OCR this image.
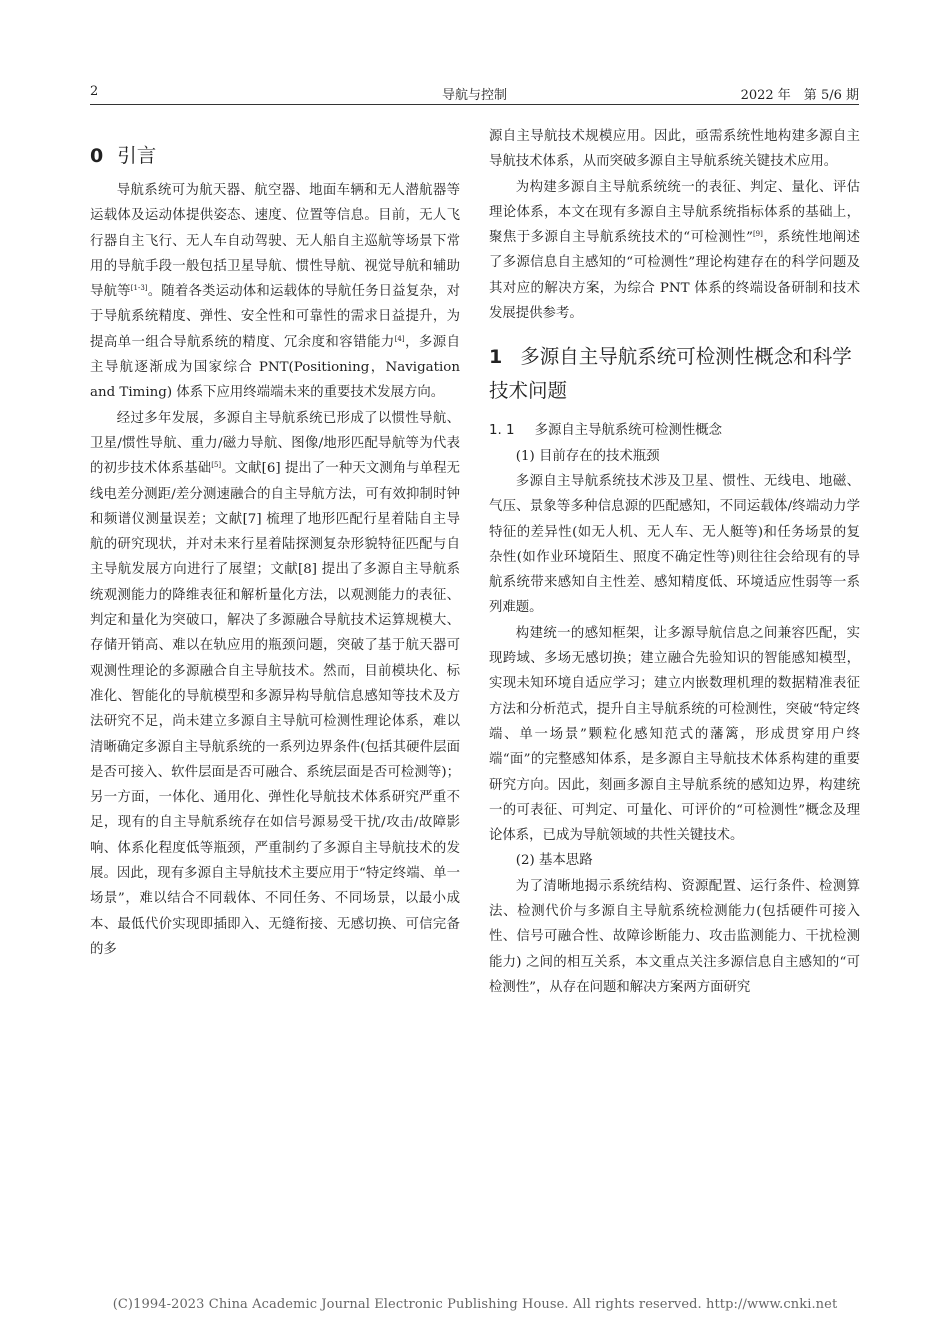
2	导航与控制	2022 年　第 5/6 期
0 引言

导航系统可为航天器、航空器、地面车辆和无人潜航器等运载体及运动体提供姿态、速度、位置等信息。目前，无人飞行器自主飞行、无人车自动驾驶、无人船自主巡航等场景下常用的导航手段一般包括卫星导航、惯性导航、视觉导航和辅助导航等[1-3]。随着各类运动体和运载体的导航任务日益复杂，对于导航系统精度、弹性、安全性和可靠性的需求日益提升，为提高单一组合导航系统的精度、冗余度和容错能力[4]，多源自主导航逐渐成为国家综合 PNT(Positioning，Navigation and Timing) 体系下应用终端端未来的重要技术发展方向。

经过多年发展，多源自主导航系统已形成了以惯性导航、卫星/惯性导航、重力/磁力导航、图像/地形匹配导航等为代表的初步技术体系基础[5]。文献[6] 提出了一种天文测角与单程无线电差分测距/差分测速融合的自主导航方法，可有效抑制时钟和频谱仪测量误差；文献[7] 梳理了地形匹配行星着陆自主导航的研究现状，并对未来行星着陆探测复杂形貌特征匹配与自主导航发展方向进行了展望；文献[8] 提出了多源自主导航系统观测能力的降维表征和解析量化方法，以观测能力的表征、判定和量化为突破口，解决了多源融合导航技术运算规模大、存储开销高、难以在轨应用的瓶颈问题，突破了基于航天器可观测性理论的多源融合自主导航技术。然而，目前模块化、标准化、智能化的导航模型和多源异构导航信息感知等技术及方法研究不足，尚未建立多源自主导航可检测性理论体系，难以清晰确定多源自主导航系统的一系列边界条件(包括其硬件层面是否可接入、软件层面是否可融合、系统层面是否可检测等)；另一方面，一体化、通用化、弹性化导航技术体系研究严重不足，现有的自主导航系统存在如信号源易受干扰/攻击/故障影响、体系化程度低等瓶颈，严重制约了多源自主导航技术的发展。因此，现有多源自主导航技术主要应用于“特定终端、单一场景”，难以结合不同载体、不同任务、不同场景，以最小成本、最低代价实现即插即入、无缝衔接、无感切换、可信完备的多

源自主导航技术规模应用。因此，亟需系统性地构建多源自主导航技术体系，从而突破多源自主导航系统关键技术应用。

为构建多源自主导航系统统一的表征、判定、量化、评估理论体系，本文在现有多源自主导航系统指标体系的基础上，聚焦于多源自主导航系统技术的“可检测性”[9]，系统性地阐述了多源信息自主感知的“可检测性”理论构建存在的科学问题及其对应的解决方案，为综合 PNT 体系的终端设备研制和技术发展提供参考。

1 多源自主导航系统可检测性概念和科学技术问题
1. 1 多源自主导航系统可检测性概念

(1) 目前存在的技术瓶颈

多源自主导航系统技术涉及卫星、惯性、无线电、地磁、气压、景象等多种信息源的匹配感知，不同运载体/终端动力学特征的差异性(如无人机、无人车、无人艇等)和任务场景的复杂性(如作业环境陌生、照度不确定性等)则往往会给现有的导航系统带来感知自主性差、感知精度低、环境适应性弱等一系列难题。

构建统一的感知框架，让多源导航信息之间兼容匹配，实现跨域、多场无感切换；建立融合先验知识的智能感知模型，实现未知环境自适应学习；建立内嵌数理机理的数据精准表征方法和分析范式，提升自主导航系统的可检测性，突破“特定终端、单一场景”颗粒化感知范式的藩篱，形成贯穿用户终端“面”的完整感知体系，是多源自主导航技术体系构建的重要研究方向。因此，刻画多源自主导航系统的感知边界，构建统一的可表征、可判定、可量化、可评价的“可检测性”概念及理论体系，已成为导航领域的共性关键技术。

(2) 基本思路

为了清晰地揭示系统结构、资源配置、运行条件、检测算法、检测代价与多源自主导航系统检测能力(包括硬件可接入性、信号可融合性、故障诊断能力、攻击监测能力、干扰检测能力) 之间的相互关系，本文重点关注多源信息自主感知的“可检测性”，从存在问题和解决方案两方面研究

(C)1994-2023 China Academic Journal Electronic Publishing House. All rights reserved. http://www.cnki.net
